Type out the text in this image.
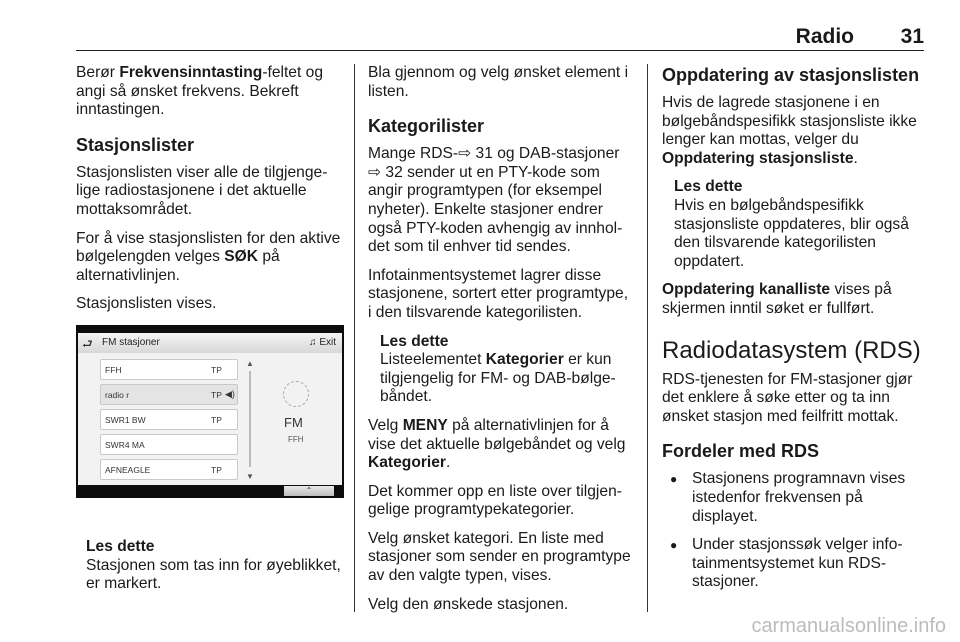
Radio 31

Berør Frekvensinntasting-feltet og angi så ønsket frekvens. Bekreft inntastingen.

Stasjonslister

Stasjonslisten viser alle de tilgjengelige radiostasjonene i det aktuelle mottaksområdet.

For å vise stasjonslisten for den aktive bølgelengden velges SØK på alternativlinjen.

Stasjonslisten vises.

⮐ FM stasjoner	♫ Exit
FFH	TP
radio r	TP ◀)
SWR1 BW	TP
SWR4 MA
AFNEAGLE	TP
▲
▼
FM
FFH
⌃
Les dette
Stasjonen som tas inn for øyeblikket, er markert.

Bla gjennom og velg ønsket element i listen.

Kategorilister

Mange RDS-⇨ 31 og DAB-stasjoner ⇨ 32 sender ut en PTY-kode som angir programtypen (for eksempel nyheter). Enkelte stasjoner endrer også PTY-koden avhengig av innholdet som til enhver tid sendes.

Infotainmentsystemet lagrer disse stasjonene, sortert etter programtype, i den tilsvarende kategorilisten.

Les dette
Listeelementet Kategorier er kun tilgjengelig for FM- og DAB-bølgebåndet.

Velg MENY på alternativlinjen for å vise det aktuelle bølgebåndet og velg Kategorier.

Det kommer opp en liste over tilgjengelige programtypekategorier.

Velg ønsket kategori. En liste med stasjoner som sender en programtype av den valgte typen, vises.

Velg den ønskede stasjonen.

Oppdatering av stasjonslisten

Hvis de lagrede stasjonene i en bølgebåndspesifikk stasjonsliste ikke lenger kan mottas, velger du Oppdatering stasjonsliste.

Les dette
Hvis en bølgebåndspesifikk stasjonsliste oppdateres, blir også den tilsvarende kategorilisten oppdatert.

Oppdatering kanalliste vises på skjermen inntil søket er fullført.

Radiodatasystem (RDS)

RDS-tjenesten for FM-stasjoner gjør det enklere å søke etter og ta inn ønsket stasjon med feilfritt mottak.

Fordeler med RDS
● Stasjonens programnavn vises istedenfor frekvensen på displayet.
● Under stasjonssøk velger infotainmentsystemet kun RDS-stasjoner.
carmanualsonline.info
